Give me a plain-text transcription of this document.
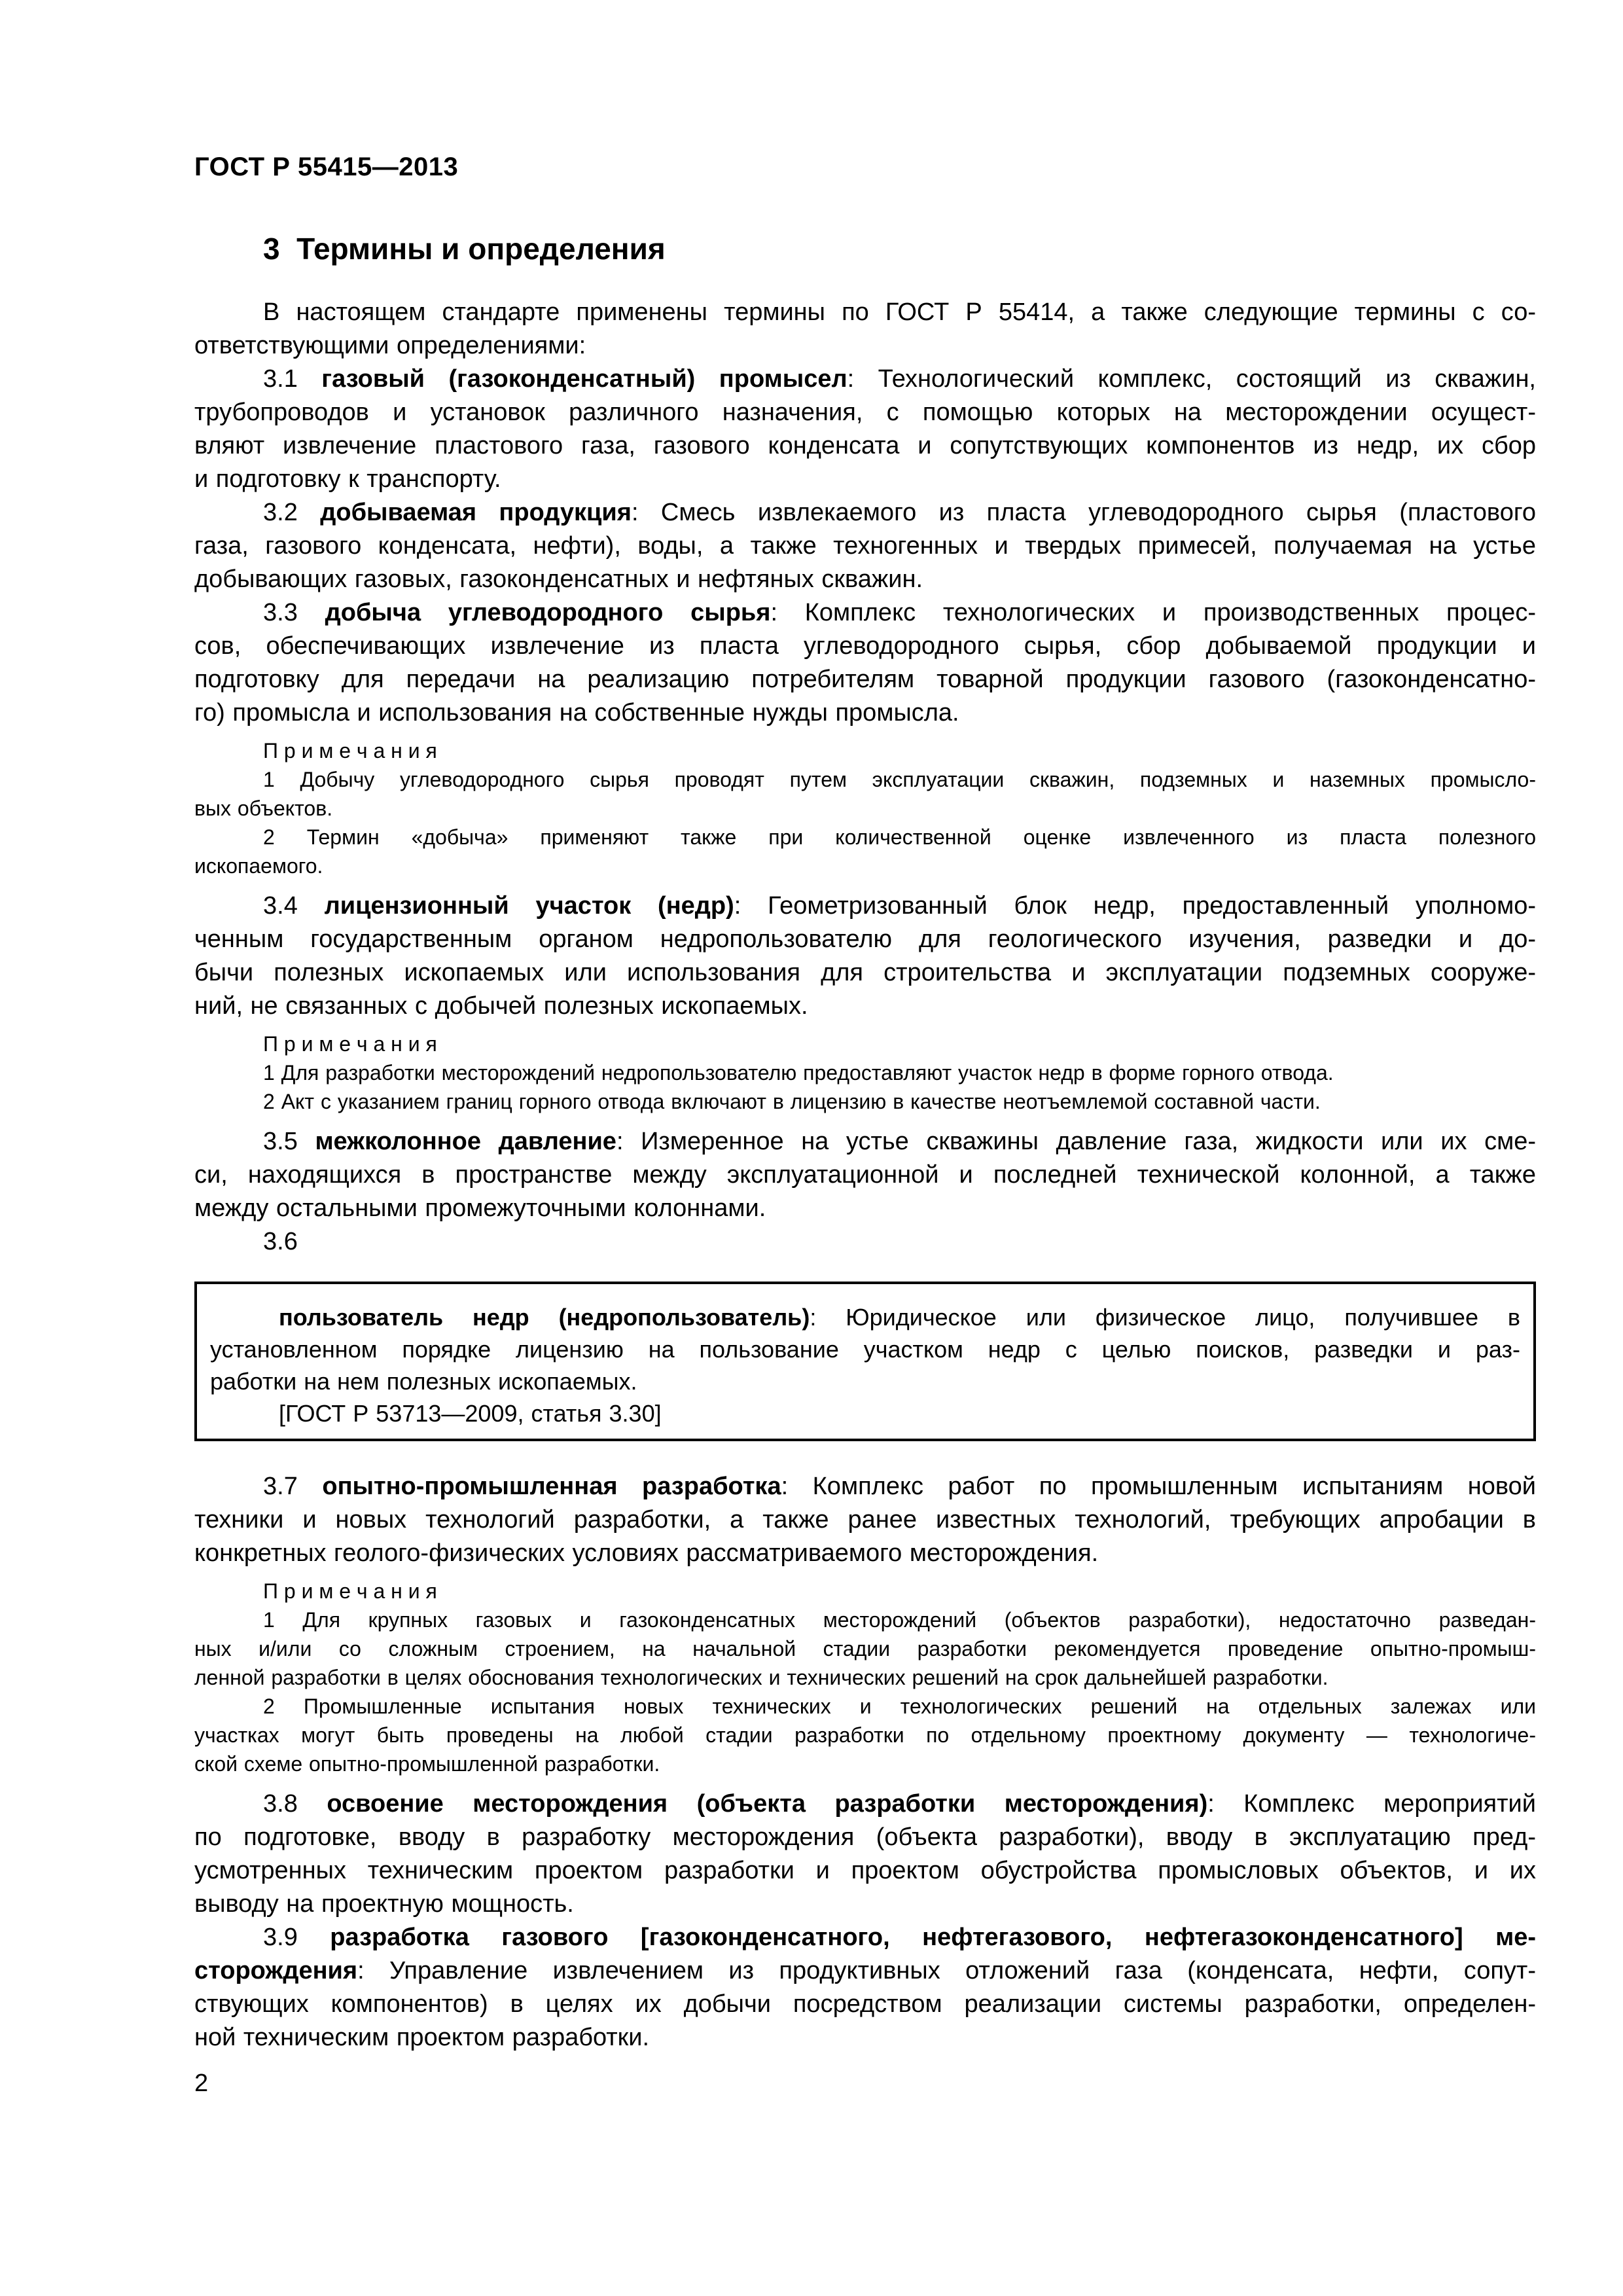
ГОСТ Р 55415—2013
3  Термины и определения
В настоящем стандарте применены термины по ГОСТ Р 55414, а также следующие термины с со-
ответствующими определениями:
3.1 газовый (газоконденсатный) промысел: Технологический комплекс, состоящий из скважин,
трубопроводов и установок различного назначения, с помощью которых на месторождении осущест-
вляют извлечение пластового газа, газового конденсата и сопутствующих компонентов из недр, их сбор
и подготовку к транспорту.
3.2 добываемая продукция: Смесь извлекаемого из пласта углеводородного сырья (пластового
газа, газового конденсата, нефти), воды, а также техногенных и твердых примесей, получаемая на устье
добывающих газовых, газоконденсатных и нефтяных скважин.
3.3 добыча углеводородного сырья: Комплекс технологических и производственных процес-
сов, обеспечивающих извлечение из пласта углеводородного сырья, сбор добываемой продукции и
подготовку для передачи на реализацию потребителям товарной продукции газового (газоконденсатно-
го) промысла и использования на собственные нужды промысла.
П р и м е ч а н и я
1 Добычу углеводородного сырья проводят путем эксплуатации скважин, подземных и наземных промысло-
вых объектов.
2 Термин «добыча» применяют также при количественной оценке извлеченного из пласта полезного
ископаемого.
3.4 лицензионный участок (недр): Геометризованный блок недр, предоставленный уполномо-
ченным государственным органом недропользователю для геологического изучения, разведки и до-
бычи полезных ископаемых или использования для строительства и эксплуатации подземных сооруже-
ний, не связанных с добычей полезных ископаемых.
П р и м е ч а н и я
1 Для разработки месторождений недропользователю предоставляют участок недр в форме горного отвода.
2 Акт с указанием границ горного отвода включают в лицензию в качестве неотъемлемой составной части.
3.5 межколонное давление: Измеренное на устье скважины давление газа, жидкости или их сме-
си, находящихся в пространстве между эксплуатационной и последней технической колонной, а также
между остальными промежуточными колоннами.
3.6
пользователь недр (недропользователь): Юридическое или физическое лицо, получившее в
установленном порядке лицензию на пользование участком недр с целью поисков, разведки и раз-
работки на нем полезных ископаемых.
[ГОСТ Р 53713—2009, статья 3.30]
3.7 опытно-промышленная разработка: Комплекс работ по промышленным испытаниям новой
техники и новых технологий разработки, а также ранее известных технологий, требующих апробации в
конкретных геолого-физических условиях рассматриваемого месторождения.
П р и м е ч а н и я
1 Для крупных газовых и газоконденсатных месторождений (объектов разработки), недостаточно разведан-
ных и/или со сложным строением, на начальной стадии разработки рекомендуется проведение опытно-промыш-
ленной разработки в целях обоснования технологических и технических решений на срок дальнейшей разработки.
2 Промышленные испытания новых технических и технологических решений на отдельных залежах или
участках могут быть проведены на любой стадии разработки по отдельному проектному документу — технологиче-
ской схеме опытно-промышленной разработки.
3.8 освоение месторождения (объекта разработки месторождения): Комплекс мероприятий
по подготовке, вводу в разработку месторождения (объекта разработки), вводу в эксплуатацию пред-
усмотренных техническим проектом разработки и проектом обустройства промысловых объектов, и их
выводу на проектную мощность.
3.9 разработка газового [газоконденсатного, нефтегазового, нефтегазоконденсатного] ме-
сторождения: Управление извлечением из продуктивных отложений газа (конденсата, нефти, сопут-
ствующих компонентов) в целях их добычи посредством реализации системы разработки, определен-
ной техническим проектом разработки.
2
